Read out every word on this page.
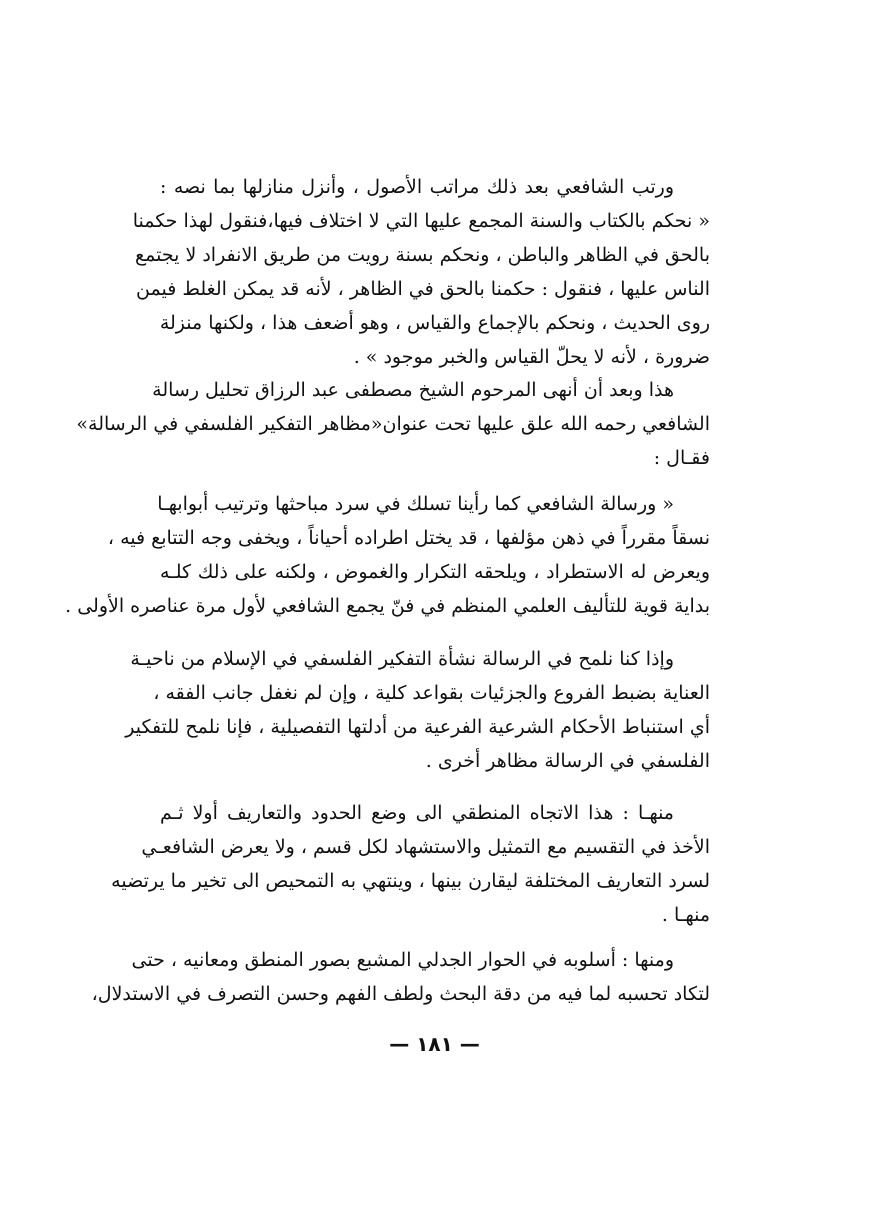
ورتب الشافعي بعد ذلك مراتب الأصول ، وأنزل منازلها بما نصه :
« نحكم بالكتاب والسنة المجمع عليها التي لا اختلاف فيها،فنقول لهذا حكمنا
بالحق في الظاهر والباطن ، ونحكم بسنة رويت من طريق الانفراد لا يجتمع
الناس عليها ، فنقول : حكمنا بالحق في الظاهر ، لأنه قد يمكن الغلط فيمن
روى الحديث ، ونحكم بالإجماع والقياس ، وهو أضعف هذا ، ولكنها منزلة
ضرورة ، لأنه لا يحلّ القياس والخبر موجود » .
هذا وبعد أن أنهى المرحوم الشيخ مصطفى عبد الرزاق تحليل رسالة
الشافعي رحمه الله علق عليها تحت عنوان«مظاهر التفكير الفلسفي في الرسالة»
فقـال :
« ورسالة الشافعي كما رأينا تسلك في سرد مباحثها وترتيب أبوابهـا
نسقاً مقرراً في ذهن مؤلفها ، قد يختل اطراده أحياناً ، ويخفى وجه التتابع فيه ،
ويعرض له الاستطراد ، ويلحقه التكرار والغموض ، ولكنه على ذلك كلـه
بداية قوية للتأليف العلمي المنظم في فنّ يجمع الشافعي لأول مرة عناصره الأولى .
وإذا كنا نلمح في الرسالة نشأة التفكير الفلسفي في الإسلام من ناحيـة
العناية بضبط الفروع والجزئيات بقواعد كلية ، وإن لم نغفل جانب الفقه ،
أي استنباط الأحكام الشرعية الفرعية من أدلتها التفصيلية ، فإنا نلمح للتفكير
الفلسفي في الرسالة مظاهر أخرى .
منهـا : هذا الاتجاه المنطقي الى وضع الحدود والتعاريف أولا ثـم
الأخذ في التقسيم مع التمثيل والاستشهاد لكل قسم ، ولا يعرض الشافعـي
لسرد التعاريف المختلفة ليقارن بينها ، وينتهي به التمحيص الى تخير ما يرتضيه
منهـا .
ومنها : أسلوبه في الحوار الجدلي المشبع بصور المنطق ومعانيه ، حتى
لتكاد تحسبه لما فيه من دقة البحث ولطف الفهم وحسن التصرف في الاستدلال،
— ١٨١ —
